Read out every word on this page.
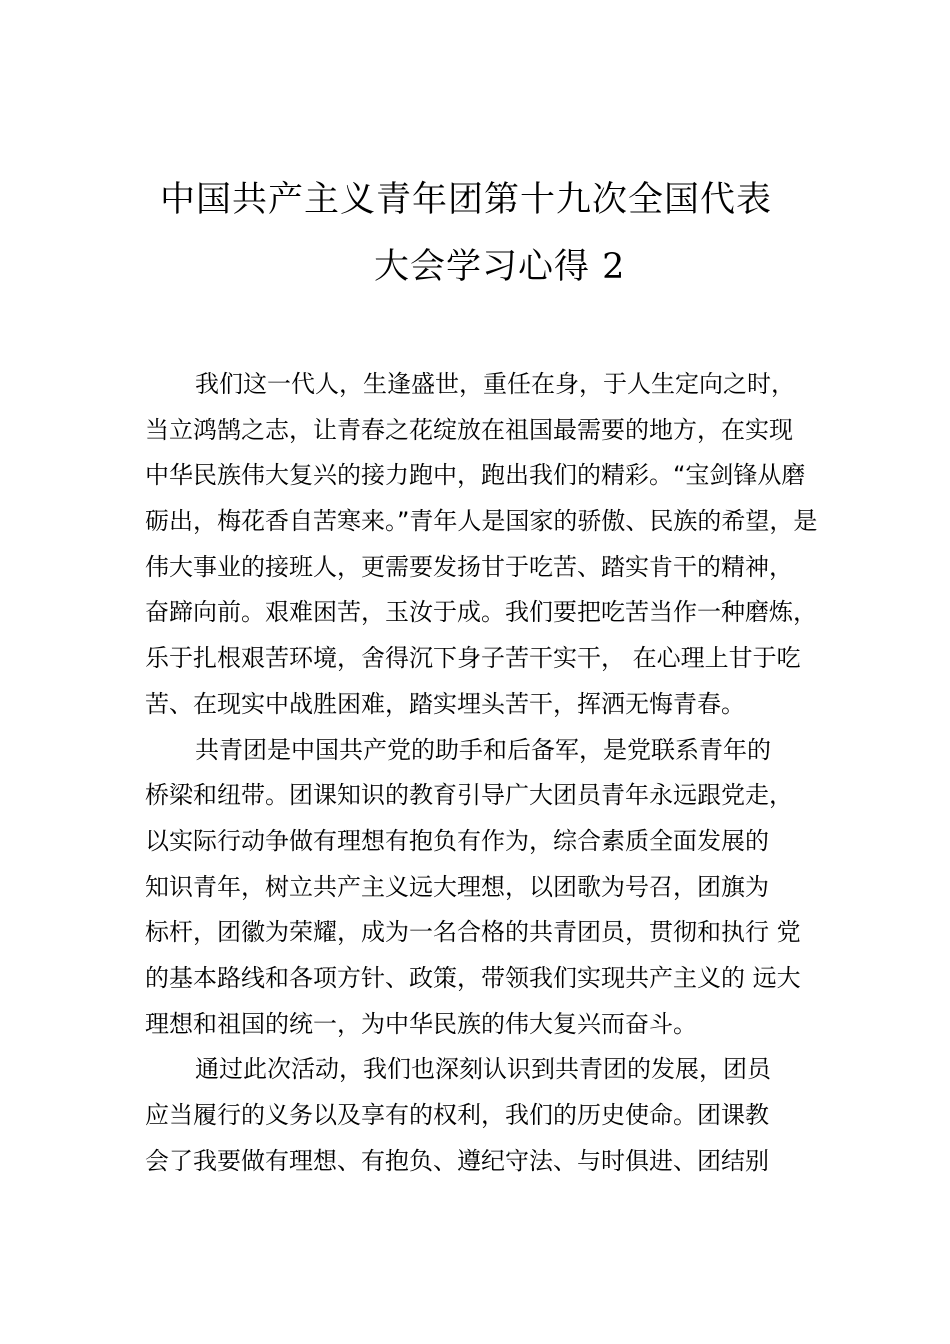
中国共产主义青年团第十九次全国代表
大会学习心得 2
我们这一代人，生逢盛世，重任在身，于人生定向之时，
当立鸿鹄之志，让青春之花绽放在祖国最需要的地方，在实现
中华民族伟大复兴的接力跑中，跑出我们的精彩。“宝剑锋从磨
砺出，梅花香自苦寒来。”青年人是国家的骄傲、民族的希望，是
伟大事业的接班人，更需要发扬甘于吃苦、踏实肯干的精神，
奋蹄向前。艰难困苦，玉汝于成。我们要把吃苦当作一种磨炼，
乐于扎根艰苦环境，舍得沉下身子苦干实干， 在心理上甘于吃
苦、在现实中战胜困难，踏实埋头苦干，挥洒无悔青春。
共青团是中国共产党的助手和后备军，是党联系青年的
桥梁和纽带。团课知识的教育引导广大团员青年永远跟党走，
以实际行动争做有理想有抱负有作为，综合素质全面发展的
知识青年，树立共产主义远大理想，以团歌为号召，团旗为
标杆，团徽为荣耀，成为一名合格的共青团员，贯彻和执行 党
的基本路线和各项方针、政策，带领我们实现共产主义的 远大
理想和祖国的统一，为中华民族的伟大复兴而奋斗。
通过此次活动，我们也深刻认识到共青团的发展，团员
应当履行的义务以及享有的权利，我们的历史使命。团课教
会了我要做有理想、有抱负、遵纪守法、与时俱进、团结别
